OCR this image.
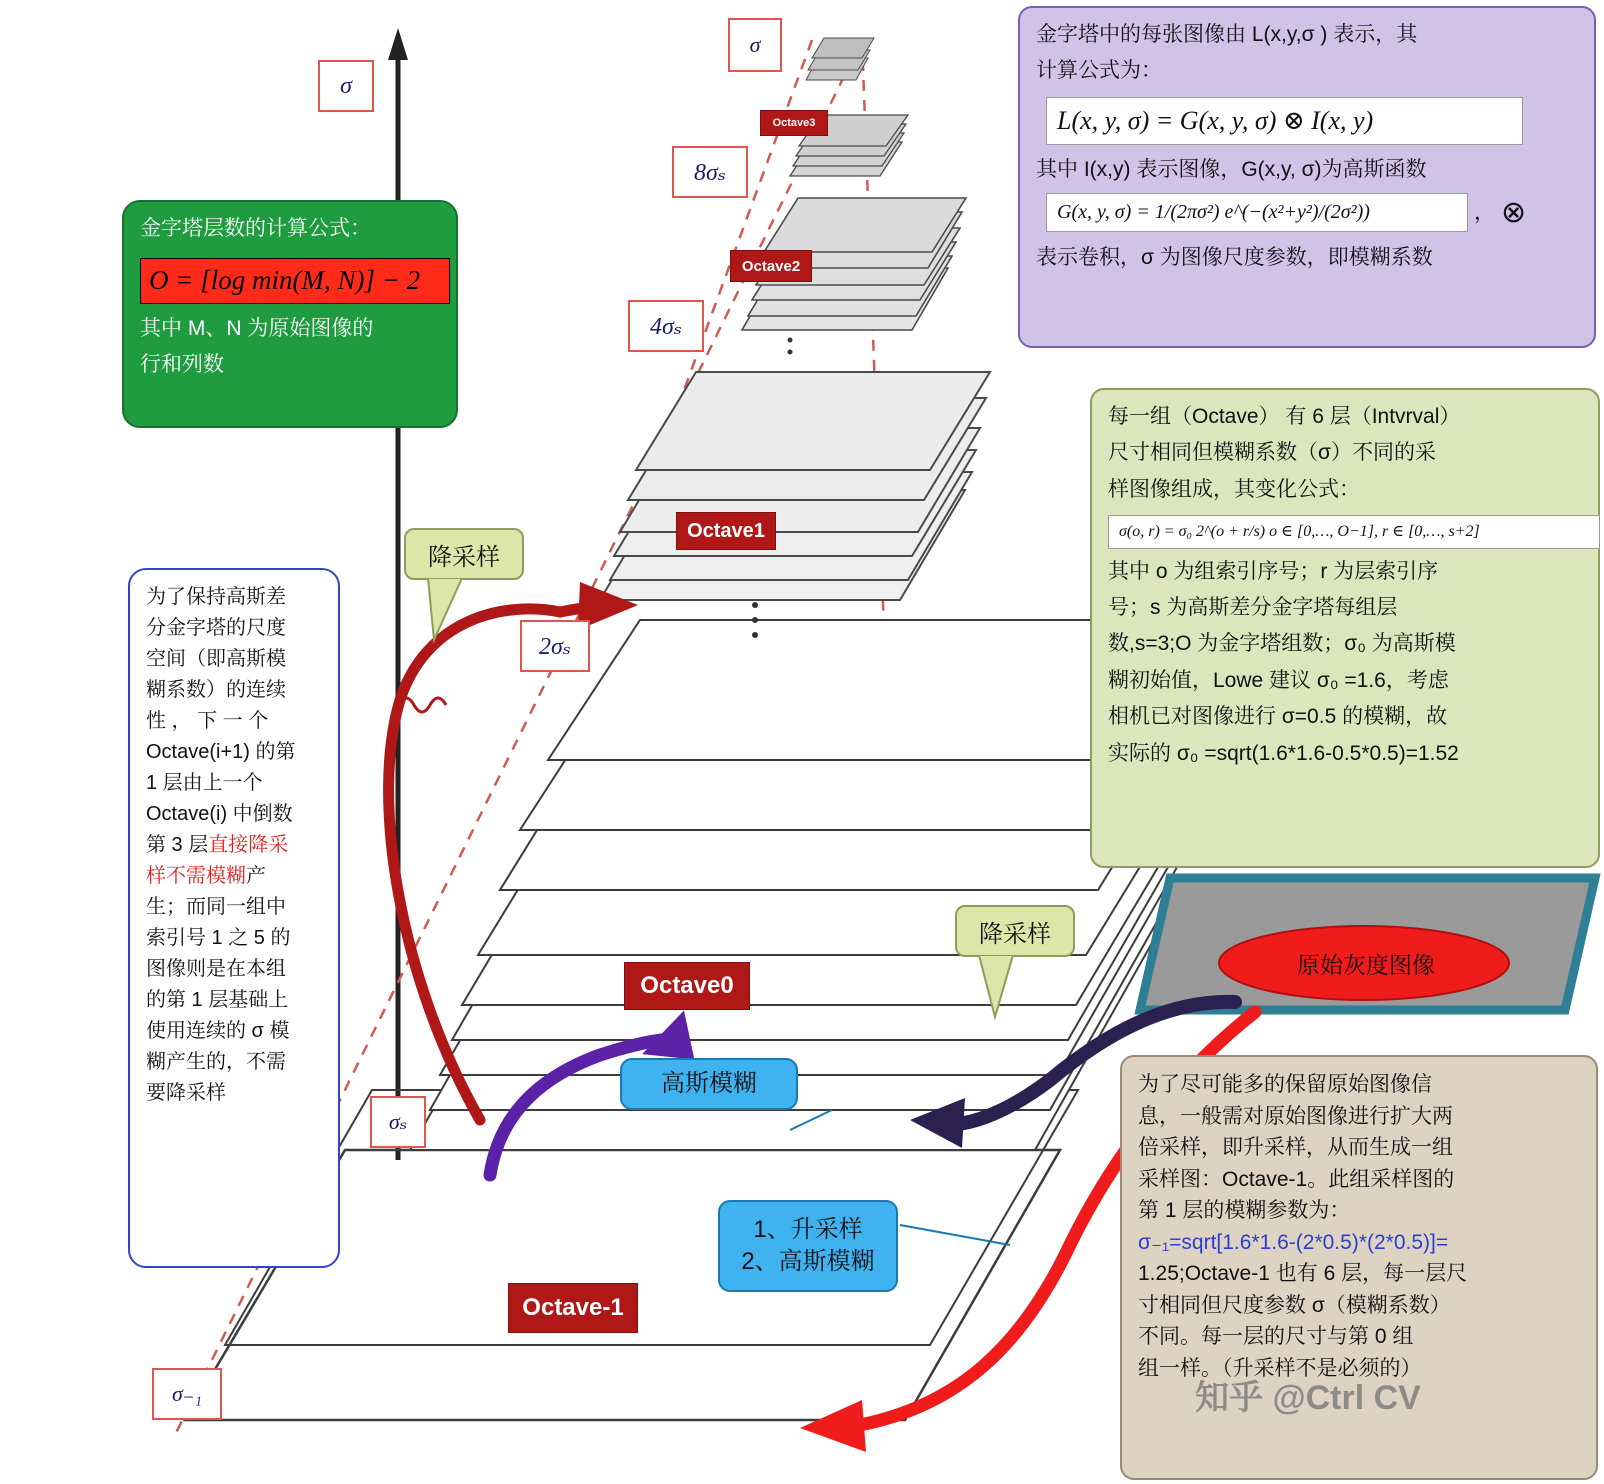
金字塔中的每张图像由 L(x,y,σ ) 表示，其

计算公式为：

L(x, y, σ) = G(x, y, σ) ⊗ I(x, y)

其中 I(x,y) 表示图像，G(x,y, σ)为高斯函数

G(x, y, σ) = 1/(2πσ²) e^(−(x²+y²)/(2σ²))	， ⊗

表示卷积，σ 为图像尺度参数，即模糊系数

金字塔层数的计算公式：

O = [log min(M, N)] − 2

其中 M、N 为原始图像的

行和列数

每一组（Octave） 有 6 层（Intvrval）

尺寸相同但模糊系数（σ）不同的采

样图像组成，其变化公式：

σ(o, r) = σ₀ 2^(o + r/s) o ∈ [0,…, O−1], r ∈ [0,…, s+2]

其中 o 为组索引序号；r 为层索引序

号；s 为高斯差分金字塔每组层

数,s=3;O 为金字塔组数；σ₀ 为高斯模

糊初始值，Lowe 建议 σ₀ =1.6，考虑

相机已对图像进行 σ=0.5 的模糊，故

实际的 σ₀ =sqrt(1.6*1.6-0.5*0.5)=1.52

为了保持高斯差
分金字塔的尺度
空间（即高斯模
糊系数）的连续
性 ， 下 一 个
Octave(i+1) 的第
1 层由上一个
Octave(i) 中倒数
第 3 层直接降采
样不需模糊产
生；而同一组中
索引号 1 之 5 的
图像则是在本组
的第 1 层基础上
使用连续的 σ 模
糊产生的，不需
要降采样	为了尽可能多的保留原始图像信
息，一般需对原始图像进行扩大两
倍采样，即升采样，从而生成一组
采样图：Octave-1。此组采样图的
第 1 层的模糊参数为：
σ₋₁=sqrt[1.6*1.6-(2*0.5)*(2*0.5)]=
1.25;Octave-1 也有 6 层，每一层尺
寸相同但尺度参数 σ（模糊系数）
不同。每一层的尺寸与第 0 组
组一样。（升采样不是必须的）
σ
σ
8σₛ
4σₛ
2σₛ
σₛ
σ₋₁
Octave-1
Octave0
Octave1
Octave2
Octave3
原始灰度图像
降采样
降采样
高斯模糊
1、升采样
2、高斯模糊
知乎 @Ctrl CV
